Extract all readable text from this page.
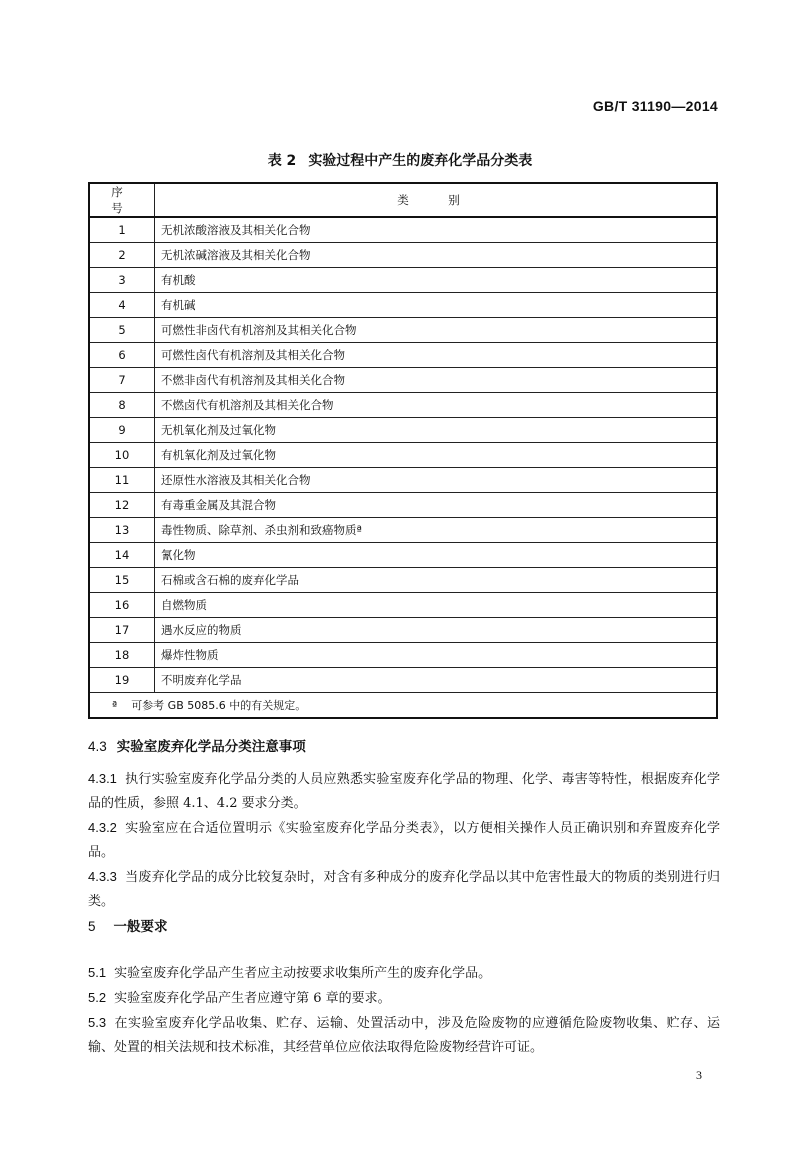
GB/T 31190—2014
表 2 实验过程中产生的废弃化学品分类表
序　号	类　别
1	无机浓酸溶液及其相关化合物
2	无机浓碱溶液及其相关化合物
3	有机酸
4	有机碱
5	可燃性非卤代有机溶剂及其相关化合物
6	可燃性卤代有机溶剂及其相关化合物
7	不燃非卤代有机溶剂及其相关化合物
8	不燃卤代有机溶剂及其相关化合物
9	无机氧化剂及过氧化物
10	有机氧化剂及过氧化物
11	还原性水溶液及其相关化合物
12	有毒重金属及其混合物
13	毒性物质、除草剂、杀虫剂和致癌物质ª
14	氰化物
15	石棉或含石棉的废弃化学品
16	自燃物质
17	遇水反应的物质
18	爆炸性物质
19	不明废弃化学品
ª 可参考 GB 5085.6 中的有关规定。	
4.3 实验室废弃化学品分类注意事项
4.3.1 执行实验室废弃化学品分类的人员应熟悉实验室废弃化学品的物理、化学、毒害等特性，根据废弃化学品的性质，参照 4.1、4.2 要求分类。
4.3.2 实验室应在合适位置明示《实验室废弃化学品分类表》，以方便相关操作人员正确识别和弃置废弃化学品。
4.3.3 当废弃化学品的成分比较复杂时，对含有多种成分的废弃化学品以其中危害性最大的物质的类别进行归类。
5 一般要求
5.1 实验室废弃化学品产生者应主动按要求收集所产生的废弃化学品。
5.2 实验室废弃化学品产生者应遵守第 6 章的要求。
5.3 在实验室废弃化学品收集、贮存、运输、处置活动中，涉及危险废物的应遵循危险废物收集、贮存、运输、处置的相关法规和技术标准，其经营单位应依法取得危险废物经营许可证。
3
